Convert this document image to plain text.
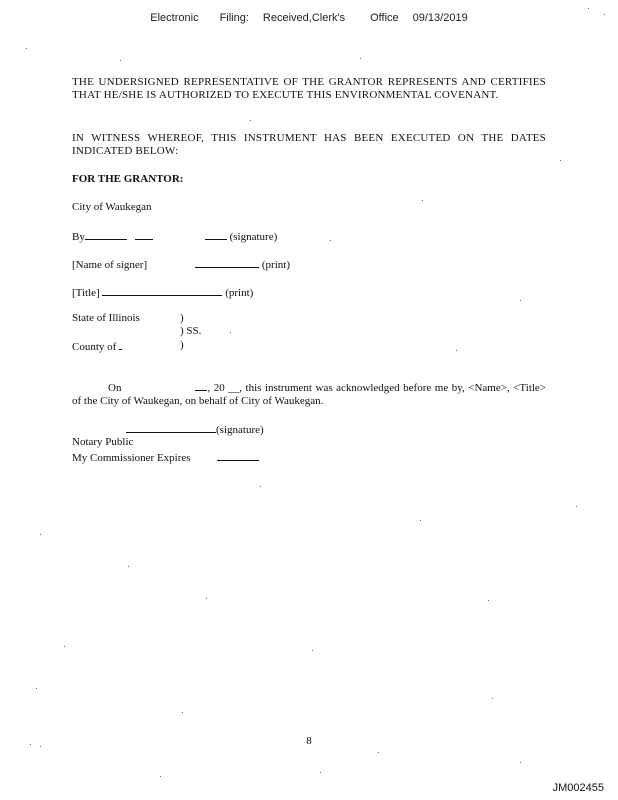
Electronic Filing: Received,Clerk's Office 09/13/2019
THE UNDERSIGNED REPRESENTATIVE OF THE GRANTOR REPRESENTS AND CERTIFIES THAT HE/SHE IS AUTHORIZED TO EXECUTE THIS ENVIRONMENTAL COVENANT.
IN WITNESS WHEREOF, THIS INSTRUMENT HAS BEEN EXECUTED ON THE DATES INDICATED BELOW:
FOR THE GRANTOR:
City of Waukegan
By	(signature)
[Name of signer]	(print)
[Title]	(print)
State of Illinois	)
) SS.
County of	)
On	, 20 __, this instrument was acknowledged before me by, <Name>, <Title> of the City of Waukegan, on behalf of City of Waukegan.
(signature)
Notary Public
My Commissioner Expires
8
JM002455
